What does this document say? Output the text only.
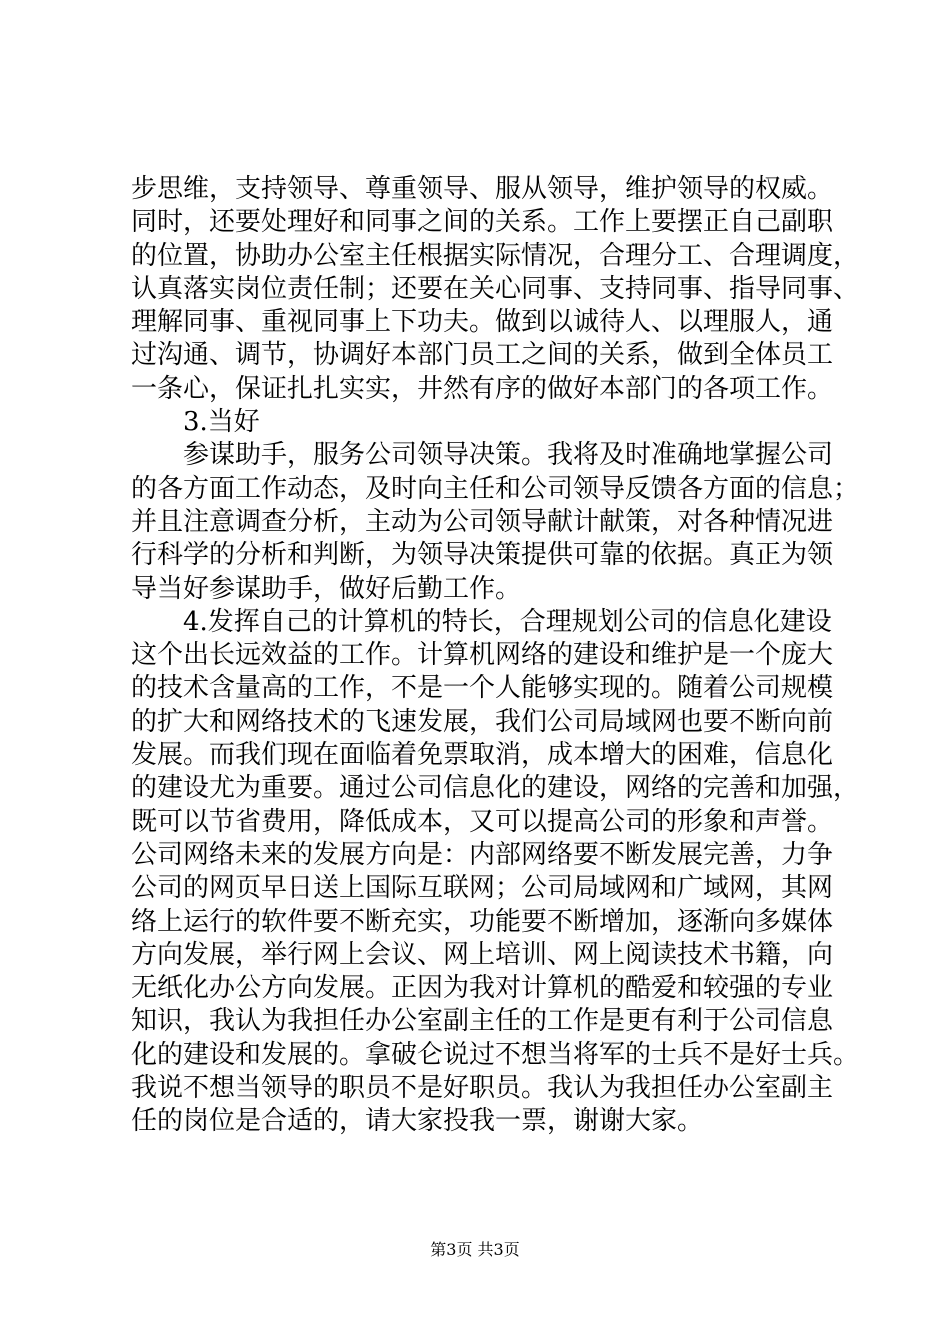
步思维，支持领导、尊重领导、服从领导，维护领导的权威。
同时，还要处理好和同事之间的关系。工作上要摆正自己副职
的位置，协助办公室主任根据实际情况，合理分工、合理调度，
认真落实岗位责任制；还要在关心同事、支持同事、指导同事、
理解同事、重视同事上下功夫。做到以诚待人、以理服人，通
过沟通、调节，协调好本部门员工之间的关系，做到全体员工
一条心，保证扎扎实实，井然有序的做好本部门的各项工作。
3.当好
参谋助手，服务公司领导决策。我将及时准确地掌握公司
的各方面工作动态，及时向主任和公司领导反馈各方面的信息；
并且注意调查分析，主动为公司领导献计献策，对各种情况进
行科学的分析和判断，为领导决策提供可靠的依据。真正为领
导当好参谋助手，做好后勤工作。
4.发挥自己的计算机的特长，合理规划公司的信息化建设
这个出长远效益的工作。计算机网络的建设和维护是一个庞大
的技术含量高的工作，不是一个人能够实现的。随着公司规模
的扩大和网络技术的飞速发展，我们公司局域网也要不断向前
发展。而我们现在面临着免票取消，成本增大的困难，信息化
的建设尤为重要。通过公司信息化的建设，网络的完善和加强，
既可以节省费用，降低成本，又可以提高公司的形象和声誉。
公司网络未来的发展方向是：内部网络要不断发展完善，力争
公司的网页早日送上国际互联网；公司局域网和广域网，其网
络上运行的软件要不断充实，功能要不断增加，逐渐向多媒体
方向发展，举行网上会议、网上培训、网上阅读技术书籍，向
无纸化办公方向发展。正因为我对计算机的酷爱和较强的专业
知识，我认为我担任办公室副主任的工作是更有利于公司信息
化的建设和发展的。拿破仑说过不想当将军的士兵不是好士兵。
我说不想当领导的职员不是好职员。我认为我担任办公室副主
任的岗位是合适的，请大家投我一票，谢谢大家。
第3页 共3页
